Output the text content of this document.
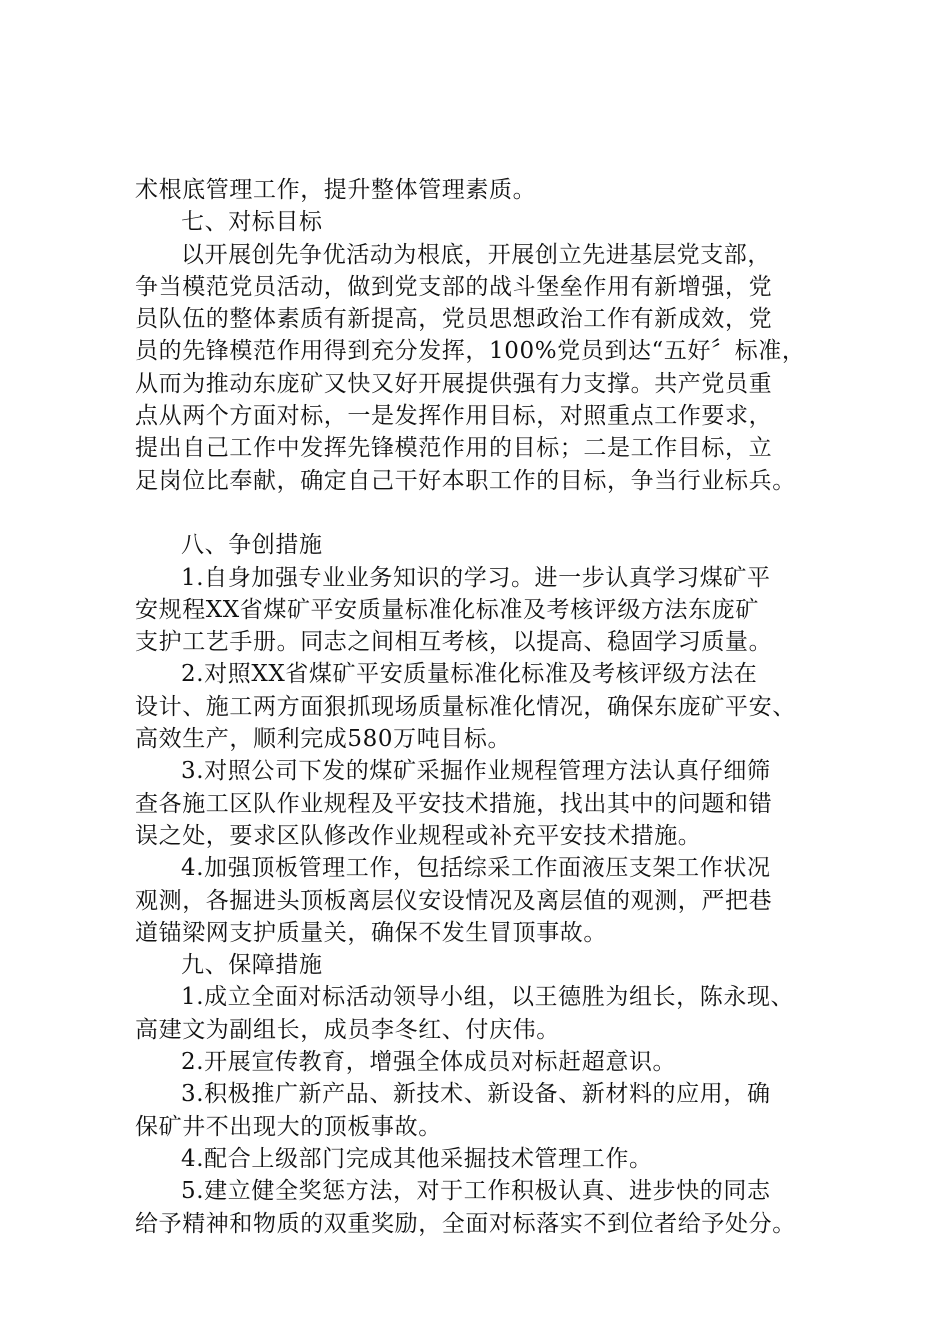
术根底管理工作，提升整体管理素质。
七、对标目标
以开展创先争优活动为根底，开展创立先进基层党支部，
争当模范党员活动，做到党支部的战斗堡垒作用有新增强，党
员队伍的整体素质有新提高，党员思想政治工作有新成效，党
员的先锋模范作用得到充分发挥，100%党员到达“五好〞标准，
从而为推动东庞矿又快又好开展提供强有力支撑。共产党员重
点从两个方面对标，一是发挥作用目标，对照重点工作要求，
提出自己工作中发挥先锋模范作用的目标；二是工作目标，立
足岗位比奉献，确定自己干好本职工作的目标，争当行业标兵。
八、争创措施
1.自身加强专业业务知识的学习。进一步认真学习煤矿平
安规程XX省煤矿平安质量标准化标准及考核评级方法东庞矿
支护工艺手册。同志之间相互考核，以提高、稳固学习质量。
2.对照XX省煤矿平安质量标准化标准及考核评级方法在
设计、施工两方面狠抓现场质量标准化情况，确保东庞矿平安、
高效生产，顺利完成580万吨目标。
3.对照公司下发的煤矿采掘作业规程管理方法认真仔细筛
查各施工区队作业规程及平安技术措施，找出其中的问题和错
误之处，要求区队修改作业规程或补充平安技术措施。
4.加强顶板管理工作，包括综采工作面液压支架工作状况
观测，各掘进头顶板离层仪安设情况及离层值的观测，严把巷
道锚梁网支护质量关，确保不发生冒顶事故。
九、保障措施
1.成立全面对标活动领导小组，以王德胜为组长，陈永现、
高建文为副组长，成员李冬红、付庆伟。
2.开展宣传教育，增强全体成员对标赶超意识。
3.积极推广新产品、新技术、新设备、新材料的应用，确
保矿井不出现大的顶板事故。
4.配合上级部门完成其他采掘技术管理工作。
5.建立健全奖惩方法，对于工作积极认真、进步快的同志
给予精神和物质的双重奖励，全面对标落实不到位者给予处分。
